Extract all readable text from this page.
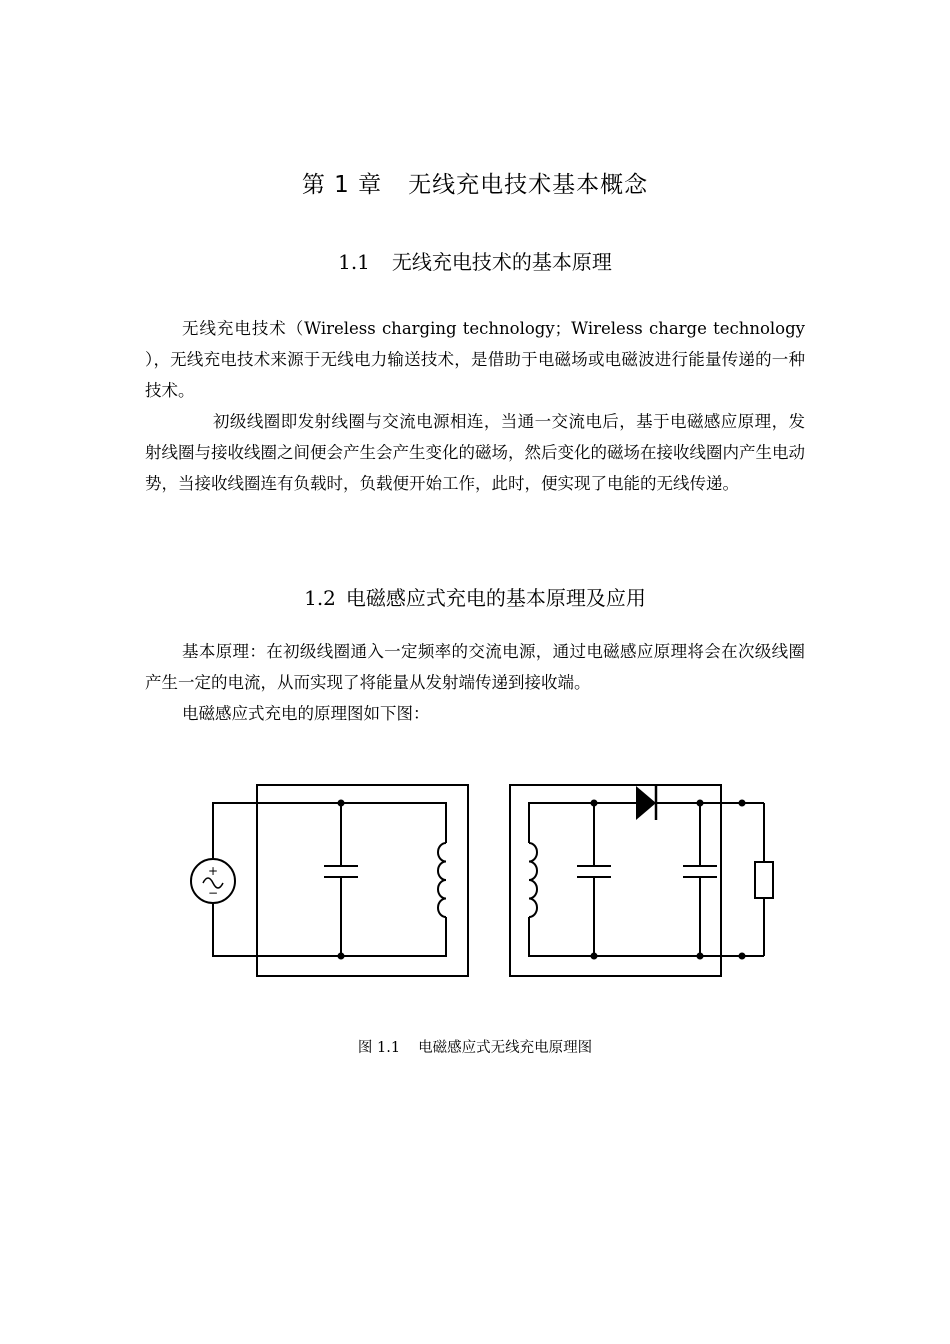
第 1 章 无线充电技术基本概念
1.1 无线充电技术的基本原理

无线充电技术（Wireless charging technology；Wireless charge technology ），无线充电技术来源于无线电力输送技术，是借助于电磁场或电磁波进行能量传递的一种技术。

初级线圈即发射线圈与交流电源相连，当通一交流电后，基于电磁感应原理，发射线圈与接收线圈之间便会产生会产生变化的磁场，然后变化的磁场在接收线圈内产生电动势，当接收线圈连有负载时，负载便开始工作，此时，便实现了电能的无线传递。

1.2 电磁感应式充电的基本原理及应用

基本原理：在初级线圈通入一定频率的交流电源，通过电磁感应原理将会在次级线圈产生一定的电流，从而实现了将能量从发射端传递到接收端。

电磁感应式充电的原理图如下图：

+
−

图 1.1 电磁感应式无线充电原理图
